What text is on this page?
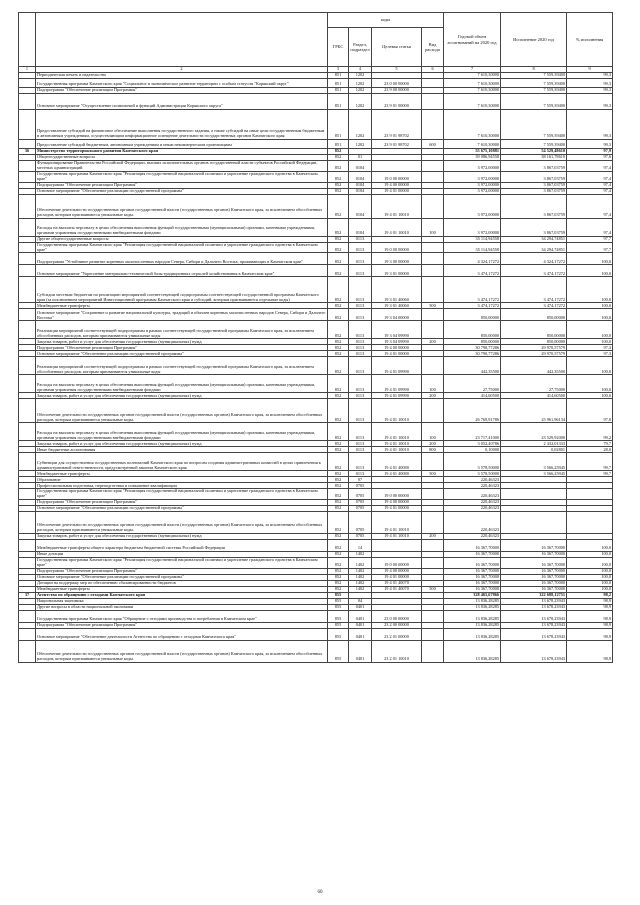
		коды				Годовой объем ассигнований на 2020 год	Исполнение 2020 год	% исполнения
		ГРБС	Раздел, подраздел	Целевая статья	Вид расхода			
1	2	3	4	5	6	7	8	9
	Периодическая печать и издательства	851	1202			7 610,30000	7 559,39400	99,3
	Государственная программа Камчатского края "Социальное и экономическое развитие территории с особым статусом "Корякский округ"	851	1202	23 0 00 00000		7 610,30000	7 559,39400	99,3
	Подпрограмма "Обеспечение реализации Программы"	851	1202	23 9 00 00000		7 610,30000	7 559,39400	99,3
	Основное мероприятие "Осуществление полномочий и функций Администрации Корякского округа"	851	1202	23 9 01 00000		7 610,30000	7 559,39400	99,3
	Предоставление субсидий на финансовое обеспечение выполнения государственного задания, а также субсидий на иные цели государственным бюджетным и автономным учреждениям, осуществляющим информационное освещение деятельности государственных органов Камчатского края	851	1202	23 9 01 98702		7 610,30000	7 559,39400	99,3
	Предоставление субсидий бюджетным, автономным учреждениям и иным некоммерческим организациям	851	1202	23 9 01 98702	600	7 610,30000	7 559,39400	99,3
36	Министерство территориального развития Камчатского края	852				55 675,10881	54 529,48610	97,9
	Общегосударственные вопросы	852	01			39 086,94558	38 161,78610	97,6
	Функционирование Правительства Российской Федерации, высших исполнительных органов государственной власти субъектов Российской Федерации, местных администраций	852	0104			3 972,00000	3 867,03759	97,4
	Государственная программа Камчатского края "Реализация государственной национальной политики и укрепление гражданского единства в Камчатском крае"	852	0104	19 0 00 00000		3 972,00000	3 867,03759	97,4
	Подпрограмма "Обеспечение реализации Программы"	852	0104	19 4 00 00000		3 972,00000	3 867,03759	97,4
	Основное мероприятие "Обеспечение реализации государственной программы"	852	0104	19 4 01 00000		3 972,00000	3 867,03759	97,4
	Обеспечение деятельности государственных органов государственной власти (государственных органов) Камчатского края, за исключением обособленных расходов, которым присваиваются уникальные коды.	852	0104	19 4 01 10010		3 972,00000	3 867,03759	97,4
	Расходы на выплаты персоналу в целях обеспечения выполнения функций государственными (муниципальными) органами, казенными учреждениями, органами управления государственными внебюджетными фондами	852	0104	19 4 01 10010	100	3 972,00000	3 867,03759	97,4
	Другие общегосударственные вопросы	852	0113			35 114,94558	34 294,74851	97,7
	Государственная программа Камчатского края "Реализация государственной национальной политики и укрепление гражданского единства в Камчатском крае"	852	0113	19 0 00 00000		35 114,94558	34 294,74851	97,7
	Подпрограмма "Устойчивое развитие коренных малочисленных народов Севера, Сибири и Дальнего Востока, проживающих в Камчатском крае"	852	0113	19 3 00 00000		4 324,17272	4 324,17272	100,0
	Основное мероприятие "Укрепление материально-технической базы традиционных отраслей хозяйствования в Камчатском крае"	852	0113	19 3 01 00000		3 474,17272	3 474,17272	100,0
	Субсидии местным бюджетам на реализацию мероприятий соответствующей подпрограммы соответствующей государственной программы Камчатского края (за исключением мероприятий Инвестиционной программы Камчатского края и субсидий, которым присваиваются отдельные коды)	852	0113	19 3 01 40060		3 474,17272	3 474,17272	100,0
	Межбюджетные трансферты	852	0113	19 3 01 40060	500	3 474,17272	3 474,17272	100,0
	Основное мероприятие "Сохранение и развитие национальной культуры, традиций и обычаев коренных малочисленных народов Севера, Сибири и Дальнего Востока"	852	0113	19 3 04 00000		850,00000	850,00000	100,0
	Реализация мероприятий соответствующей подпрограммы в рамках соответствующей государственной программы Камчатского края, за исключением обособленных расходов, которым присваиваются уникальные коды	852	0113	19 3 04 09990		850,00000	850,00000	100,0
	Закупка товаров, работ и услуг для обеспечения государственных (муниципальных) нужд	852	0113	19 3 04 09990	200	850,00000	850,00000	100,0
	Подпрограмма "Обеспечение реализации Программы"	852	0113	19 4 00 00000		30 790,77286	29 970,57579	97,3
	Основное мероприятие "Обеспечение реализации государственной программы"	852	0113	19 4 01 00000		30 790,77286	29 970,57579	97,3
	Реализация мероприятий соответствующей подпрограммы в рамках соответствующей государственной программы Камчатского края, за исключением обособленных расходов, которым присваиваются уникальные коды	852	0113	19 4 01 09990		442,35500	442,35500	100,0
	Расходы на выплаты персоналу в целях обеспечения выполнения функций государственными (муниципальными) органами, казенными учреждениями, органами управления государственными внебюджетными фондами	852	0113	19 4 01 09990	100	27,75000	27,75000	100,0
	Закупка товаров, работ и услуг для обеспечения государственных (муниципальных) нужд	852	0113	19 4 01 09990	200	414,60500	414,60500	100,0
	Обеспечение деятельности государственных органов государственной власти (государственных органов) Камчатского края, за исключением обособленных расходов, которым присваиваются уникальные коды.	852	0113	19 4 01 10010		26 769,91786	25 961,96134	97,0
	Расходы на выплаты персоналу в целях обеспечения выполнения функций государственными (муниципальными) органами, казенными учреждениями, органами управления государственными внебюджетными фондами	852	0113	19 4 01 10010	100	23 717,41000	23 529,92000	99,2
	Закупка товаров, работ и услуг для обеспечения государственных (муниципальных) нужд	852	0113	19 4 01 10010	200	3 052,40786	2 432,01333	79,7
	Иные бюджетные ассигнования	852	0113	19 4 01 10010	800	0,10000	0,02801	28,0
	Субвенции для осуществления государственных полномочий Камчатского края по вопросам создания административных комиссий в целях привлечения к административной ответственности, предусмотренной законом Камчатского края	852	0113	19 4 01 40080		3 578,50000	3 566,25945	99,7
	Межбюджетные трансферты	852	0113	19 4 01 40080	500	3 578,50000	3 566,25945	99,7
	Образование	852	07			220,46323		
	Профессиональная подготовка, переподготовка и повышение квалификации	852	0705			220,46323		
	Государственная программа Камчатского края "Реализация государственной национальной политики и укрепление гражданского единства в Камчатском крае"	852	0705	19 0 00 00000		220,46323		
	Подпрограмма "Обеспечение реализации Программы"	852	0705	19 4 00 00000		220,46323		
	Основное мероприятие "Обеспечение реализации государственной программы"	852	0705	19 4 01 00000		220,46323		
	Обеспечение деятельности государственных органов государственной власти (государственных органов) Камчатского края, за исключением обособленных расходов, которым присваиваются уникальные коды.	852	0705	19 4 01 10010		220,46323		
	Закупка товаров, работ и услуг для обеспечения государственных (муниципальных) нужд	852	0705	19 4 01 10010	200	220,46323		
	Межбюджетные трансферты общего характера бюджетам бюджетной системы Российской Федерации	852	14			16 367,70000	16 367,70000	100,0
	Иные дотации	852	1402			16 367,70000	16 367,70000	100,0
	Государственная программа Камчатского края "Реализация государственной национальной политики и укрепление гражданского единства в Камчатском крае"	852	1402	19 0 00 00000		16 367,70000	16 367,70000	100,0
	Подпрограмма "Обеспечение реализации Программы"	852	1402	19 4 00 00000		16 367,70000	16 367,70000	100,0
	Основное мероприятие "Обеспечение реализации государственной программы"	852	1402	19 4 01 00000		16 367,70000	16 367,70000	100,0
	Дотации на поддержку мер по обеспечению сбалансированности бюджетов	852	1402	19 4 01 40070		16 367,70000	16 367,70000	100,0
	Межбюджетные трансферты	852	1402	19 4 01 40070	500	16 367,70000	16 367,70000	100,0
37	Агентство по обращению с отходами Камчатского края	855				328 465,67866	322 688,12751	98,2
	Национальная экономика	855	04			13 836,28285	13 678,23943	98,9
	Другие вопросы в области национальной экономики	855	0401			13 836,28285	13 678,23943	98,9
	Государственная программа Камчатского края "Обращение с отходами производства и потребления в Камчатском крае"	855	0401	23 0 00 00000		13 836,28285	13 678,23943	98,9
	Подпрограмма "Обеспечение реализации Программы"	855	0401	23 2 00 00000		13 836,28285	13 678,23943	98,9
	Основное мероприятие "Обеспечение деятельности Агентства по обращению с отходами Камчатского края"	855	0401	23 2 01 00000		13 836,28285	13 678,23943	98,9
	Обеспечение деятельности государственных органов государственной власти (государственных органов) Камчатского края, за исключением обособленных расходов, которым присваиваются уникальные коды.	855	0401	23 2 01 10010		13 836,28285	13 678,23943	98,9
60
